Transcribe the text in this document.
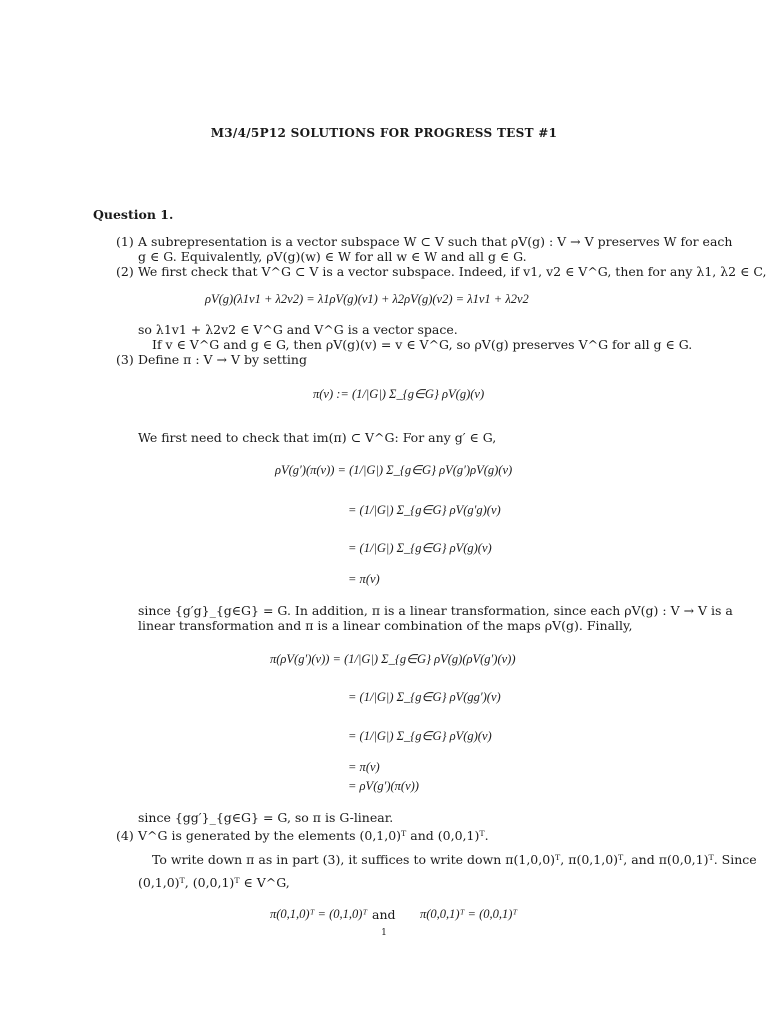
M3/4/5P12 SOLUTIONS FOR PROGRESS TEST #1
Question 1.
(1) A subrepresentation is a vector subspace W ⊂ V such that ρV(g) : V → V preserves W for each
g ∈ G. Equivalently, ρV(g)(w) ∈ W for all w ∈ W and all g ∈ G.
(2) We first check that V^G ⊂ V is a vector subspace. Indeed, if v1, v2 ∈ V^G, then for any λ1, λ2 ∈ C,
ρV(g)(λ1v1 + λ2v2) = λ1ρV(g)(v1) + λ2ρV(g)(v2) = λ1v1 + λ2v2
so λ1v1 + λ2v2 ∈ V^G and V^G is a vector space.
If v ∈ V^G and g ∈ G, then ρV(g)(v) = v ∈ V^G, so ρV(g) preserves V^G for all g ∈ G.
(3) Define π : V → V by setting
π(v) := (1/|G|) Σ_{g∈G} ρV(g)(v)
We first need to check that im(π) ⊂ V^G: For any g′ ∈ G,
ρV(g′)(π(v)) = (1/|G|) Σ_{g∈G} ρV(g′)ρV(g)(v)
= (1/|G|) Σ_{g∈G} ρV(g′g)(v)
= (1/|G|) Σ_{g∈G} ρV(g)(v)
= π(v)
since {g′g}_{g∈G} = G. In addition, π is a linear transformation, since each ρV(g) : V → V is a
linear transformation and π is a linear combination of the maps ρV(g). Finally,
π(ρV(g′)(v)) = (1/|G|) Σ_{g∈G} ρV(g)(ρV(g′)(v))
= (1/|G|) Σ_{g∈G} ρV(gg′)(v)
= (1/|G|) Σ_{g∈G} ρV(g)(v)
= π(v)
= ρV(g′)(π(v))
since {gg′}_{g∈G} = G, so π is G-linear.
(4) V^G is generated by the elements (0,1,0)ᵀ and (0,0,1)ᵀ.
To write down π as in part (3), it suffices to write down π(1,0,0)ᵀ, π(0,1,0)ᵀ, and π(0,0,1)ᵀ. Since
(0,1,0)ᵀ, (0,0,1)ᵀ ∈ V^G,
π(0,1,0)ᵀ = (0,1,0)ᵀ and π(0,0,1)ᵀ = (0,0,1)ᵀ
1
